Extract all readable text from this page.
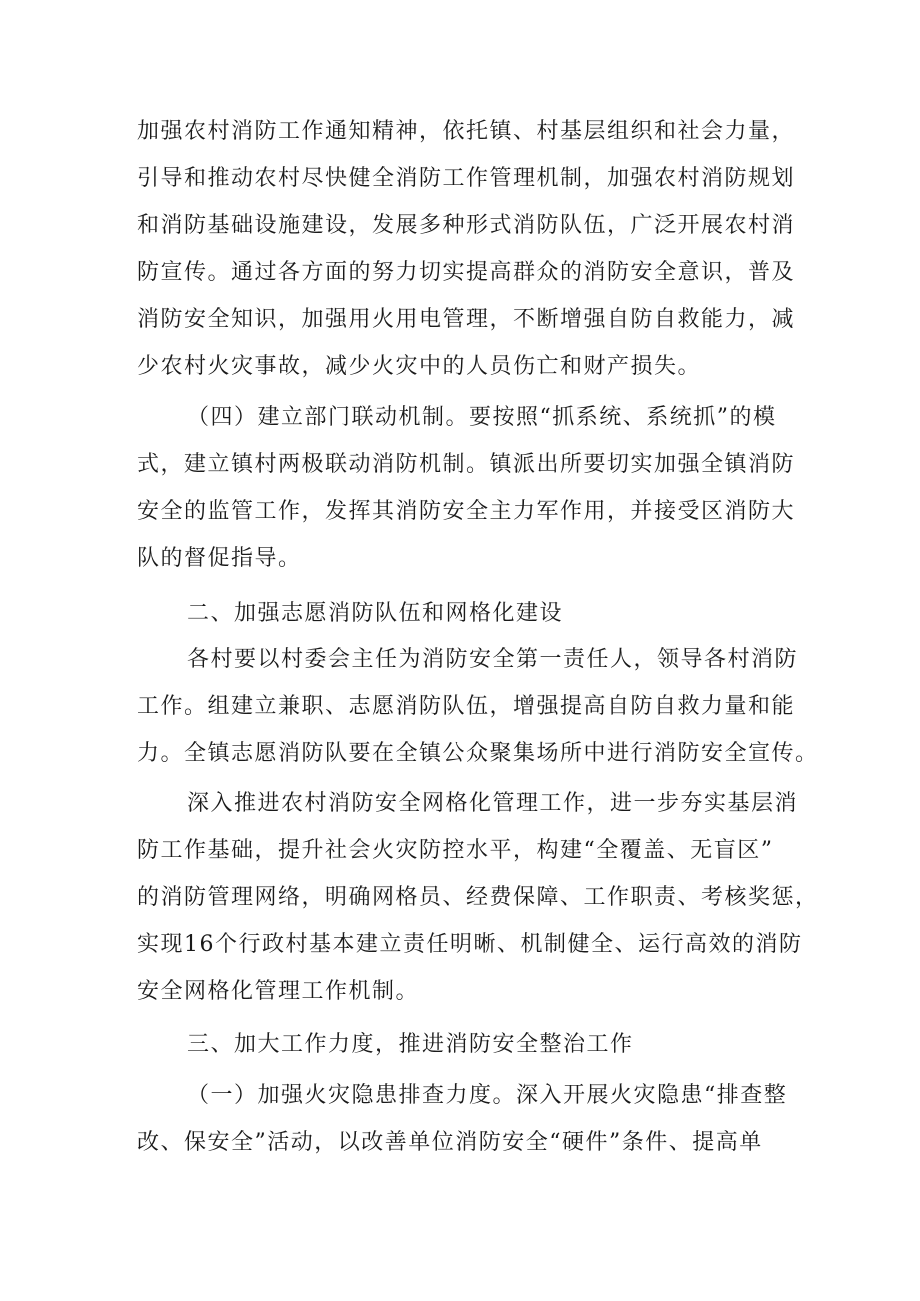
加强农村消防工作通知精神，依托镇、村基层组织和社会力量，
引导和推动农村尽快健全消防工作管理机制，加强农村消防规划
和消防基础设施建设，发展多种形式消防队伍，广泛开展农村消
防宣传。通过各方面的努力切实提高群众的消防安全意识，普及
消防安全知识，加强用火用电管理，不断增强自防自救能力，减
少农村火灾事故，减少火灾中的人员伤亡和财产损失。
（四）建立部门联动机制。要按照“抓系统、系统抓”的模
式，建立镇村两极联动消防机制。镇派出所要切实加强全镇消防
安全的监管工作，发挥其消防安全主力军作用，并接受区消防大
队的督促指导。
二、加强志愿消防队伍和网格化建设
各村要以村委会主任为消防安全第一责任人，领导各村消防
工作。组建立兼职、志愿消防队伍，增强提高自防自救力量和能
力。全镇志愿消防队要在全镇公众聚集场所中进行消防安全宣传。
深入推进农村消防安全网格化管理工作，进一步夯实基层消
防工作基础，提升社会火灾防控水平，构建“全覆盖、无盲区”
的消防管理网络，明确网格员、经费保障、工作职责、考核奖惩，
实现16个行政村基本建立责任明晰、机制健全、运行高效的消防
安全网格化管理工作机制。
三、加大工作力度，推进消防安全整治工作
（一）加强火灾隐患排查力度。深入开展火灾隐患“排查整
改、保安全”活动，以改善单位消防安全“硬件”条件、提高单
